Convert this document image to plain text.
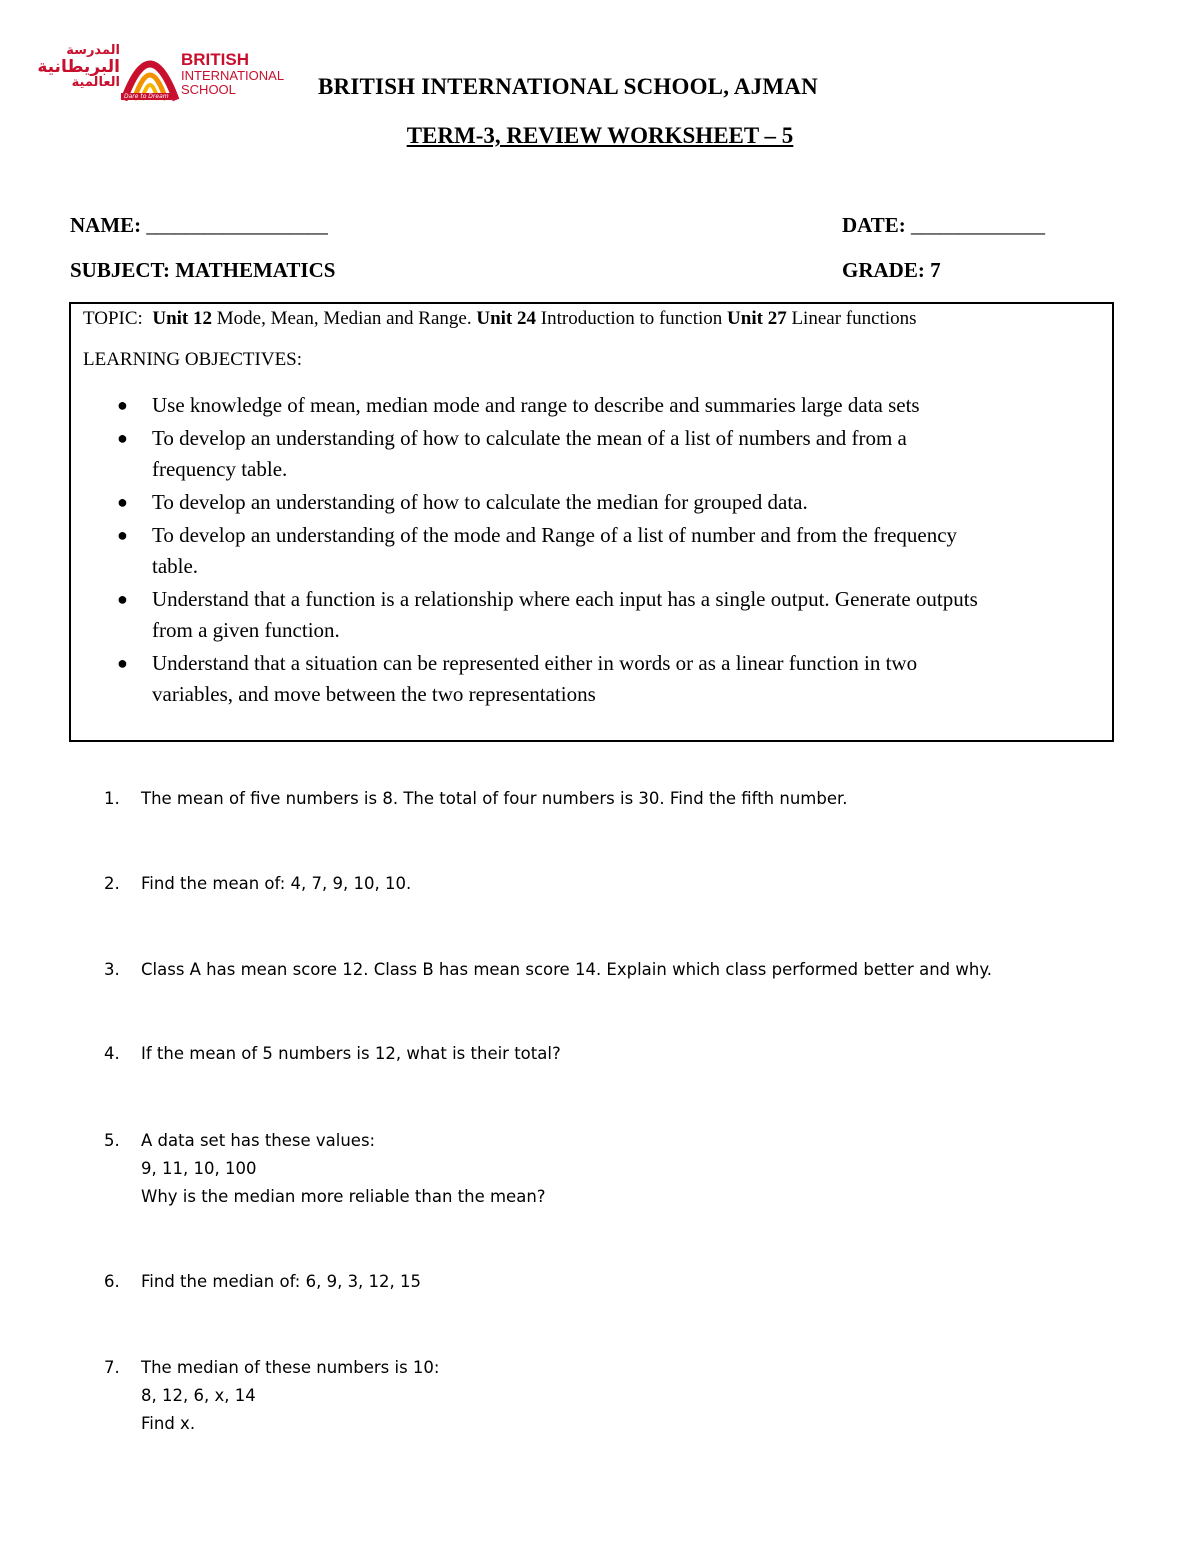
المدرسة
البريطانية
العالمية
Dare to Dream
BRITISH
INTERNATIONAL
SCHOOL	BRITISH INTERNATIONAL SCHOOL, AJMAN
TERM-3, REVIEW WORKSHEET – 5
NAME: ___________________	DATE: ______________
SUBJECT: MATHEMATICS	GRADE: 7
TOPIC: Unit 12 Mode, Mean, Median and Range. Unit 24 Introduction to function Unit 27 Linear functions
LEARNING OBJECTIVES:
● Use knowledge of mean, median mode and range to describe and summaries large data sets
● To develop an understanding of how to calculate the mean of a list of numbers and from a
frequency table.
● To develop an understanding of how to calculate the median for grouped data.
● To develop an understanding of the mode and Range of a list of number and from the frequency
table.
● Understand that a function is a relationship where each input has a single output. Generate outputs
from a given function.
● Understand that a situation can be represented either in words or as a linear function in two
variables, and move between the two representations
1.	The mean of five numbers is 8. The total of four numbers is 30. Find the fifth number.
2.	Find the mean of: 4, 7, 9, 10, 10.
3.	Class A has mean score 12. Class B has mean score 14. Explain which class performed better and why.
4.	If the mean of 5 numbers is 12, what is their total?
5.	A data set has these values:
9, 11, 10, 100
Why is the median more reliable than the mean?
6.	Find the median of: 6, 9, 3, 12, 15
7.	The median of these numbers is 10:
8, 12, 6, x, 14
Find x.
